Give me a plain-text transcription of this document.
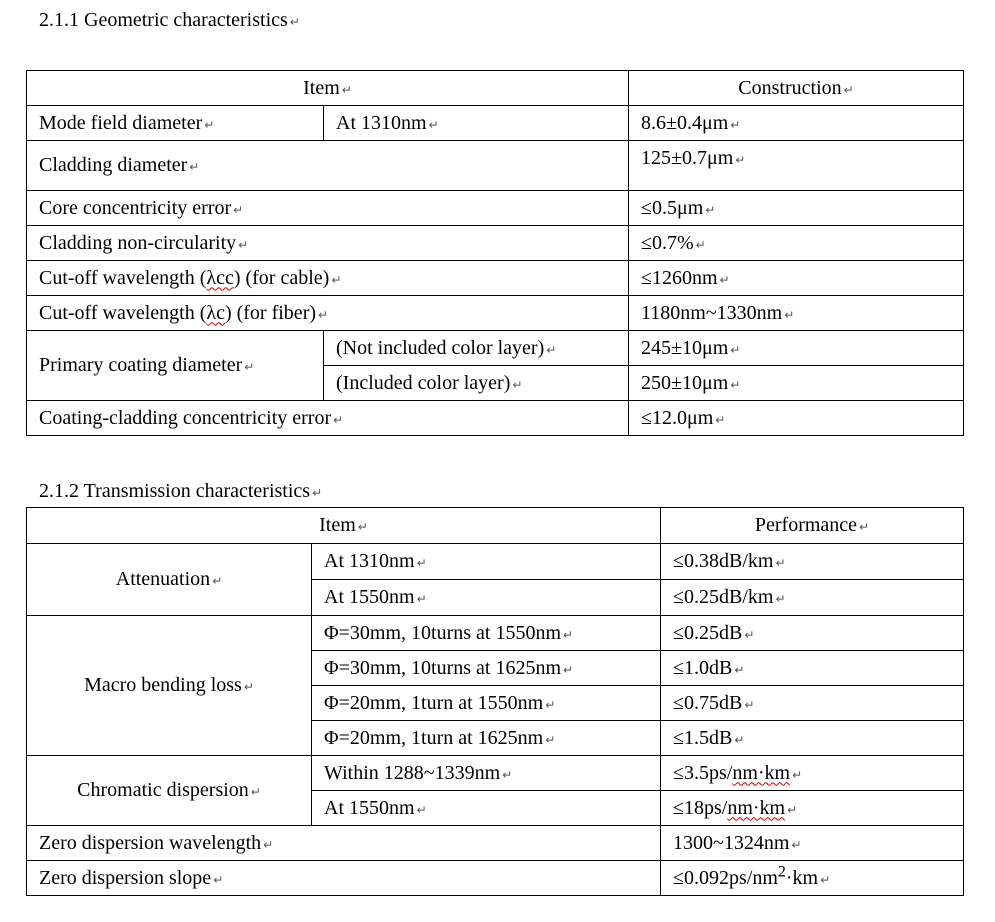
2.1.1 Geometric characteristics ↵
Item ↵		Construction ↵
Mode field diameter ↵	At 1310nm ↵	8.6±0.4μm ↵
Cladding diameter ↵		125±0.7μm ↵
Core concentricity error ↵		≤0.5μm ↵
Cladding non-circularity ↵		≤0.7% ↵
Cut-off wavelength (λcc) (for cable) ↵		≤1260nm ↵
Cut-off wavelength (λc) (for fiber) ↵		1180nm~1330nm ↵
Primary coating diameter ↵	(Not included color layer) ↵	245±10μm ↵
	(Included color layer) ↵	250±10μm ↵
Coating-cladding concentricity error ↵		≤12.0μm ↵
2.1.2 Transmission characteristics ↵
Item ↵		Performance ↵
Attenuation ↵	At 1310nm ↵	≤0.38dB/km ↵
	At 1550nm ↵	≤0.25dB/km ↵
Macro bending loss ↵	Φ=30mm, 10turns at 1550nm ↵	≤0.25dB ↵
	Φ=30mm, 10turns at 1625nm ↵	≤1.0dB ↵
	Φ=20mm, 1turn at 1550nm ↵	≤0.75dB ↵
	Φ=20mm, 1turn at 1625nm ↵	≤1.5dB ↵
Chromatic dispersion ↵	Within 1288~1339nm ↵	≤3.5ps/nm·km ↵
	At 1550nm ↵	≤18ps/nm·km ↵
Zero dispersion wavelength ↵		1300~1324nm ↵
Zero dispersion slope ↵		$\le 0.092ps/nm^2\cdot km$ ↵
